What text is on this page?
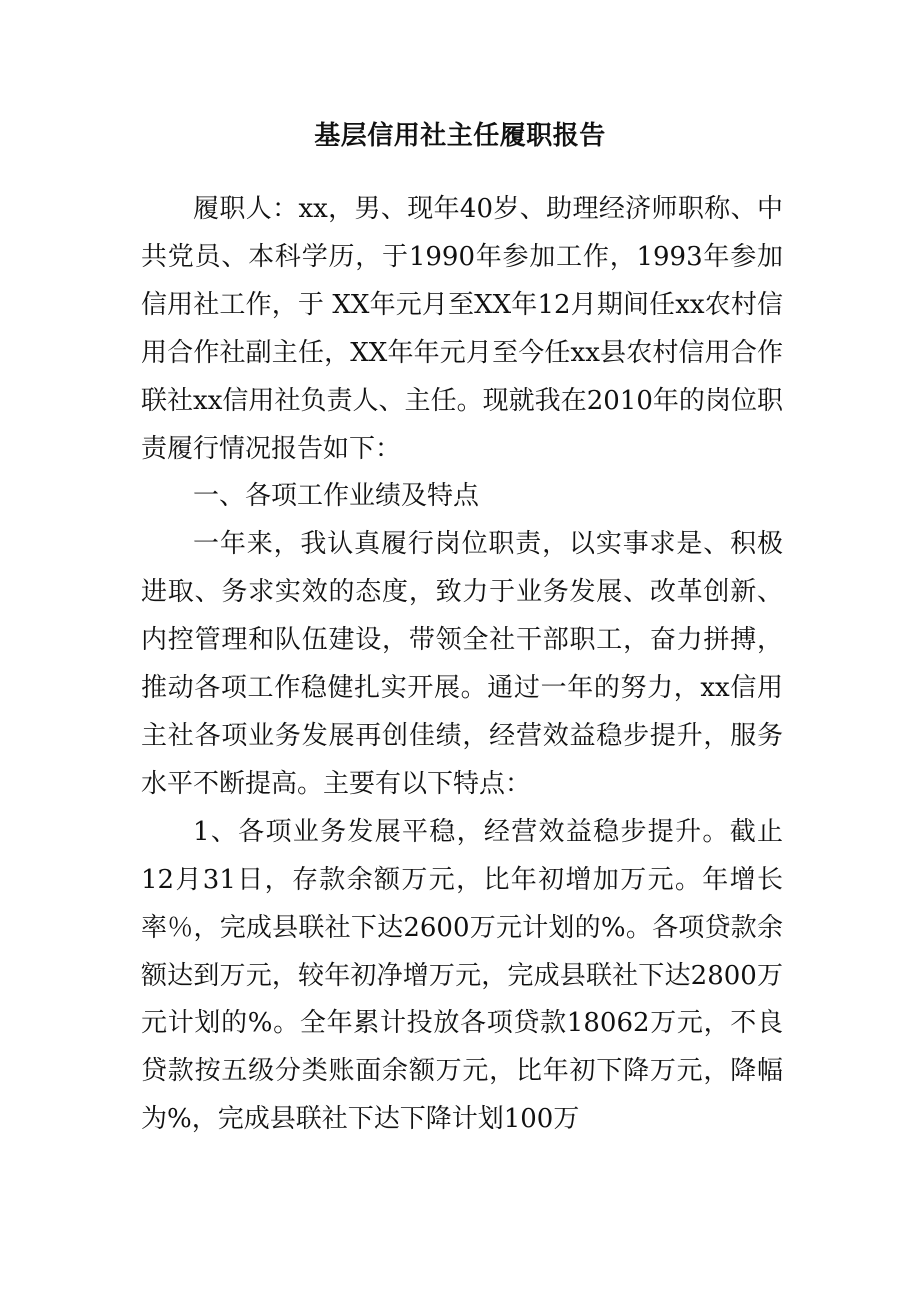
基层信用社主任履职报告

履职人：xx，男、现年40岁、助理经济师职称、中共党员、本科学历，于1990年参加工作，1993年参加信用社工作，于 XX年元月至XX年12月期间任xx农村信用合作社副主任，XX年年元月至今任xx县农村信用合作联社xx信用社负责人、主任。现就我在2010年的岗位职责履行情况报告如下：

一、各项工作业绩及特点

一年来，我认真履行岗位职责，以实事求是、积极进取、务求实效的态度，致力于业务发展、改革创新、内控管理和队伍建设，带领全社干部职工，奋力拼搏，推动各项工作稳健扎实开展。通过一年的努力，xx信用主社各项业务发展再创佳绩，经营效益稳步提升，服务水平不断提高。主要有以下特点：

1、各项业务发展平稳，经营效益稳步提升。截止12月31日，存款余额万元，比年初增加万元。年增长率％，完成县联社下达2600万元计划的%。各项贷款余额达到万元，较年初净增万元，完成县联社下达2800万元计划的%。全年累计投放各项贷款18062万元，不良贷款按五级分类账面余额万元，比年初下降万元，降幅为%，完成县联社下达下降计划100万
